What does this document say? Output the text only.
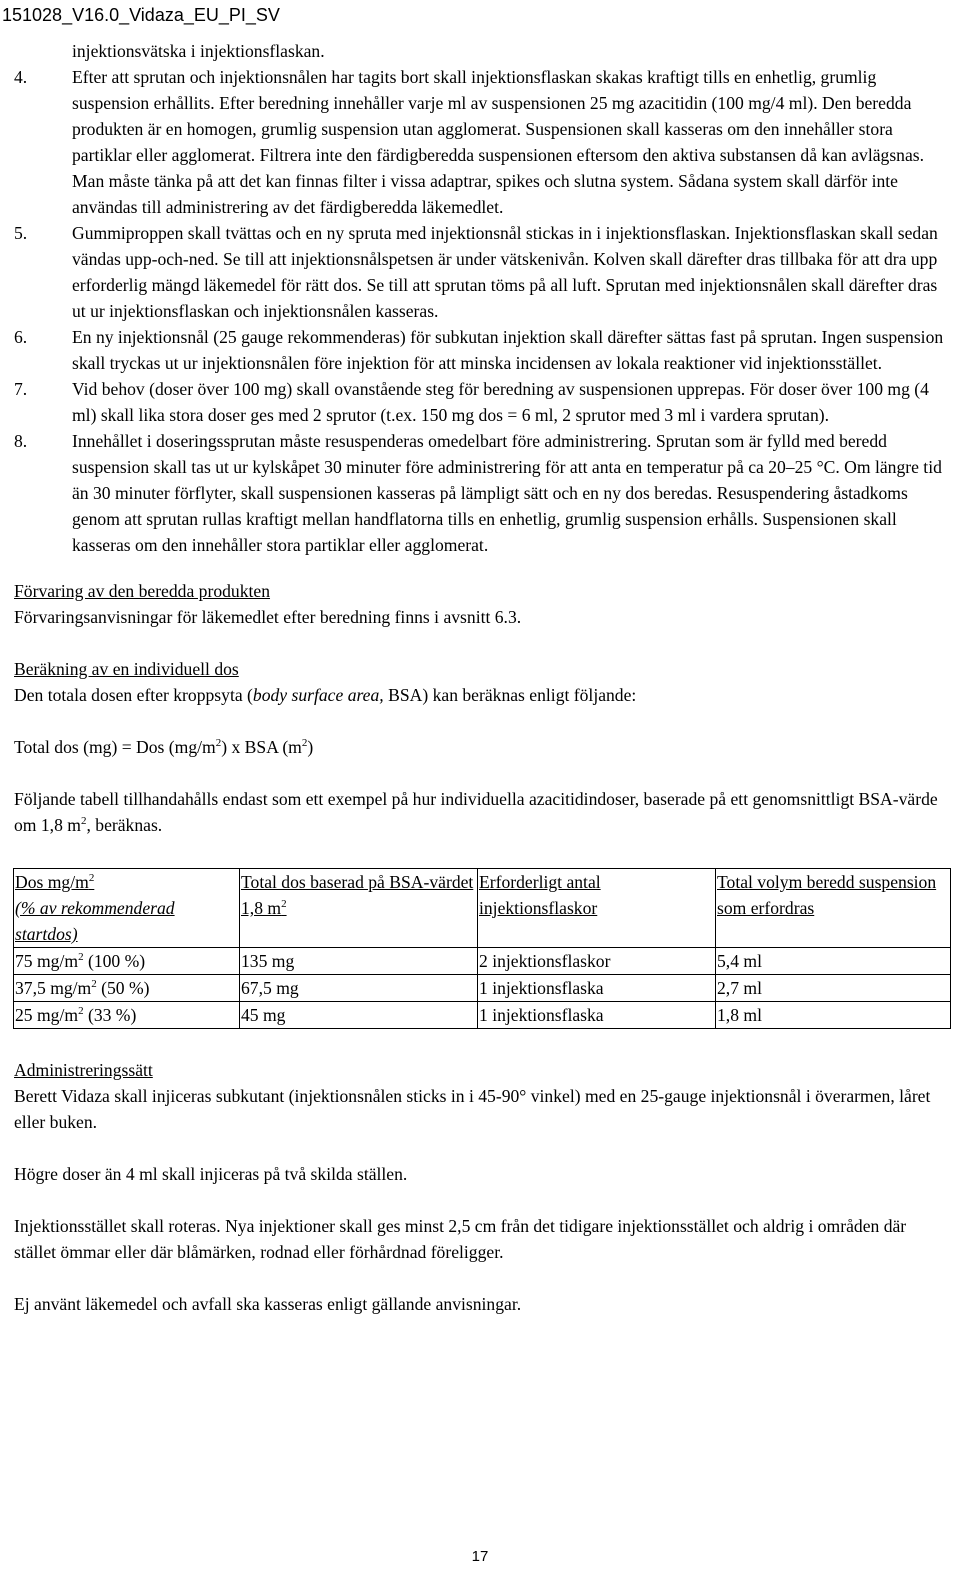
151028_V16.0_Vidaza_EU_PI_SV
injektionsvätska i injektionsflaskan.
4.	Efter att sprutan och injektionsnålen har tagits bort skall injektionsflaskan skakas kraftigt tills en enhetlig, grumlig suspension erhållits. Efter beredning innehåller varje ml av suspensionen 25 mg azacitidin (100 mg/4 ml). Den beredda produkten är en homogen, grumlig suspension utan agglomerat. Suspensionen skall kasseras om den innehåller stora partiklar eller agglomerat. Filtrera inte den färdigberedda suspensionen eftersom den aktiva substansen då kan avlägsnas. Man måste tänka på att det kan finnas filter i vissa adaptrar, spikes och slutna system. Sådana system skall därför inte användas till administrering av det färdigberedda läkemedlet.
5.	Gummiproppen skall tvättas och en ny spruta med injektionsnål stickas in i injektionsflaskan. Injektionsflaskan skall sedan vändas upp-och-ned. Se till att injektionsnålspetsen är under vätskenivån. Kolven skall därefter dras tillbaka för att dra upp erforderlig mängd läkemedel för rätt dos. Se till att sprutan töms på all luft. Sprutan med injektionsnålen skall därefter dras ut ur injektionsflaskan och injektionsnålen kasseras.
6.	En ny injektionsnål (25 gauge rekommenderas) för subkutan injektion skall därefter sättas fast på sprutan. Ingen suspension skall tryckas ut ur injektionsnålen före injektion för att minska incidensen av lokala reaktioner vid injektionsstället.
7.	Vid behov (doser över 100 mg) skall ovanstående steg för beredning av suspensionen upprepas. För doser över 100 mg (4 ml) skall lika stora doser ges med 2 sprutor (t.ex. 150 mg dos = 6 ml, 2 sprutor med 3 ml i vardera sprutan).
8.	Innehållet i doseringssprutan måste resuspenderas omedelbart före administrering. Sprutan som är fylld med beredd suspension skall tas ut ur kylskåpet 30 minuter före administrering för att anta en temperatur på ca 20–25 °C. Om längre tid än 30 minuter förflyter, skall suspensionen kasseras på lämpligt sätt och en ny dos beredas. Resuspendering åstadkoms genom att sprutan rullas kraftigt mellan handflatorna tills en enhetlig, grumlig suspension erhålls. Suspensionen skall kasseras om den innehåller stora partiklar eller agglomerat.

Förvaring av den beredda produkten

Förvaringsanvisningar för läkemedlet efter beredning finns i avsnitt 6.3.

Beräkning av en individuell dos

Den totala dosen efter kroppsyta (body surface area, BSA) kan beräknas enligt följande:

Total dos (mg) = Dos $(mg/m^2)$ x BSA $(m^2)$

Följande tabell tillhandahålls endast som ett exempel på hur individuella azacitidindoser, baserade på ett genomsnittligt BSA-värde om 1,8 $m^2$, beräknas.

Dos $mg/m^2$
(% av rekommenderad startdos)	Total dos baserad på BSA-värdet 1,8 $m^2$	Erforderligt antal injektionsflaskor	Total volym beredd suspension som erfordras
75 $mg/m^2$ (100 %)	135 mg	2 injektionsflaskor	5,4 ml
37,5 $mg/m^2$ (50 %)	67,5 mg	1 injektionsflaska	2,7 ml
25 $mg/m^2$ (33 %)	45 mg	1 injektionsflaska	1,8 ml

Administreringssätt

Berett Vidaza skall injiceras subkutant (injektionsnålen sticks in i 45-90° vinkel) med en 25-gauge injektionsnål i överarmen, låret eller buken.

Högre doser än 4 ml skall injiceras på två skilda ställen.

Injektionsstället skall roteras. Nya injektioner skall ges minst 2,5 cm från det tidigare injektionsstället och aldrig i områden där stället ömmar eller där blåmärken, rodnad eller förhårdnad föreligger.

Ej använt läkemedel och avfall ska kasseras enligt gällande anvisningar.

17
